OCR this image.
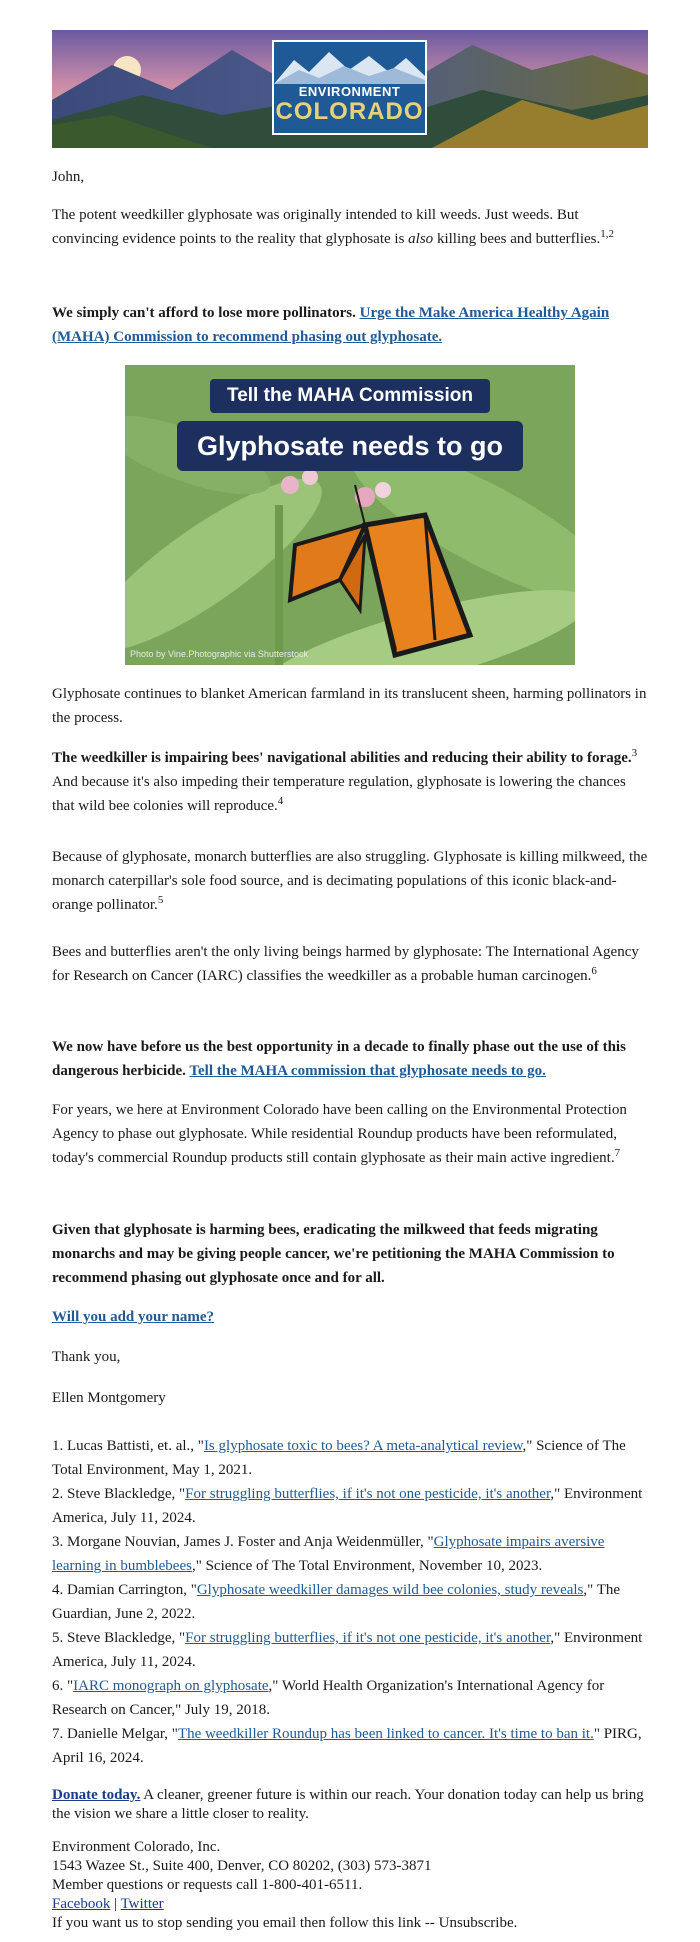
ENVIRONMENT
COLORADO

John,

The potent weedkiller glyphosate was originally intended to kill weeds. Just weeds. But convincing evidence points to the reality that glyphosate is also killing bees and butterflies.$^{1,2}$

We simply can't afford to lose more pollinators. Urge the Make America Healthy Again (MAHA) Commission to recommend phasing out glyphosate.

Tell the MAHA Commission
Glyphosate needs to go
Photo by Vine.Photographic via Shutterstock

Glyphosate continues to blanket American farmland in its translucent sheen, harming pollinators in the process.

The weedkiller is impairing bees' navigational abilities and reducing their ability to forage.$^3$ And because it's also impeding their temperature regulation, glyphosate is lowering the chances that wild bee colonies will reproduce.$^4$

Because of glyphosate, monarch butterflies are also struggling. Glyphosate is killing milkweed, the monarch caterpillar's sole food source, and is decimating populations of this iconic black-and-orange pollinator.$^5$

Bees and butterflies aren't the only living beings harmed by glyphosate: The International Agency for Research on Cancer (IARC) classifies the weedkiller as a probable human carcinogen.$^6$

We now have before us the best opportunity in a decade to finally phase out the use of this dangerous herbicide. Tell the MAHA commission that glyphosate needs to go.

For years, we here at Environment Colorado have been calling on the Environmental Protection Agency to phase out glyphosate. While residential Roundup products have been reformulated, today's commercial Roundup products still contain glyphosate as their main active ingredient.$^7$

Given that glyphosate is harming bees, eradicating the milkweed that feeds migrating monarchs and may be giving people cancer, we're petitioning the MAHA Commission to recommend phasing out glyphosate once and for all.

Will you add your name?

Thank you,

Ellen Montgomery

1. Lucas Battisti, et. al., "Is glyphosate toxic to bees? A meta-analytical review," Science of The Total Environment, May 1, 2021.

2. Steve Blackledge, "For struggling butterflies, if it's not one pesticide, it's another," Environment America, July 11, 2024.

3. Morgane Nouvian, James J. Foster and Anja Weidenmüller, "Glyphosate impairs aversive learning in bumblebees," Science of The Total Environment, November 10, 2023.

4. Damian Carrington, "Glyphosate weedkiller damages wild bee colonies, study reveals," The Guardian, June 2, 2022.

5. Steve Blackledge, "For struggling butterflies, if it's not one pesticide, it's another," Environment America, July 11, 2024.

6. "IARC monograph on glyphosate," World Health Organization's International Agency for Research on Cancer," July 19, 2018.

7. Danielle Melgar, "The weedkiller Roundup has been linked to cancer. It's time to ban it." PIRG, April 16, 2024.

Donate today. A cleaner, greener future is within our reach. Your donation today can help us bring the vision we share a little closer to reality.

Environment Colorado, Inc.

1543 Wazee St., Suite 400, Denver, CO 80202, (303) 573-3871

Member questions or requests call 1-800-401-6511.

Facebook | Twitter

If you want us to stop sending you email then follow this link -- Unsubscribe.
